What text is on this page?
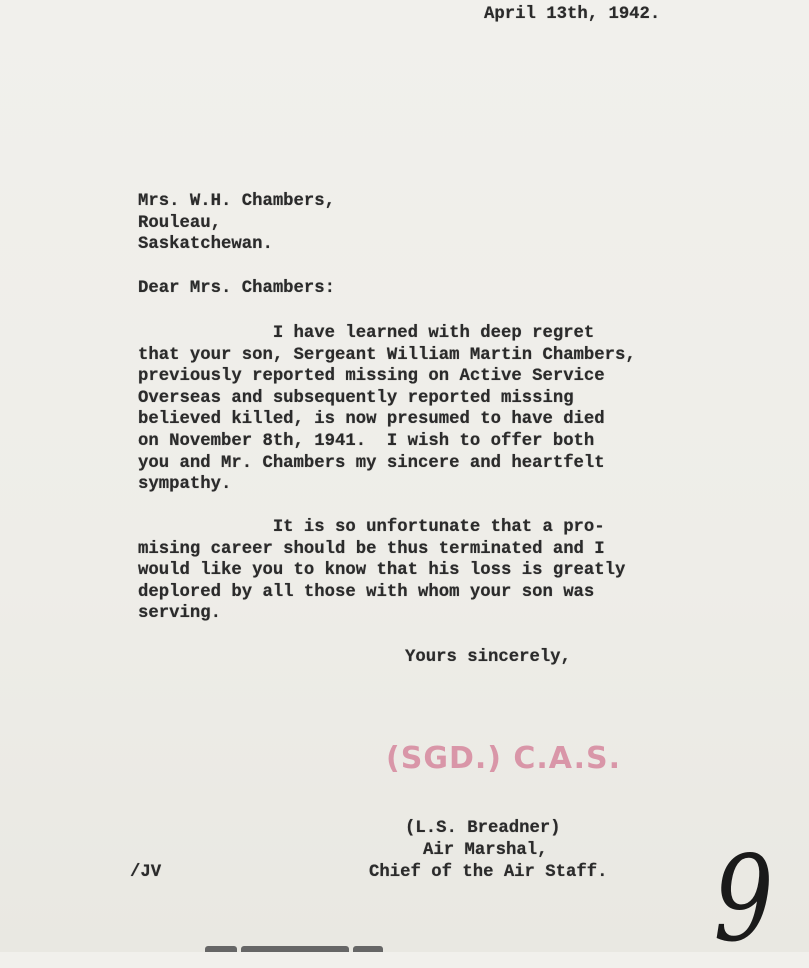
April 13th, 1942.
Mrs. W.H. Chambers,
Rouleau,
Saskatchewan.
Dear Mrs. Chambers:
I have learned with deep regret
that your son, Sergeant William Martin Chambers,
previously reported missing on Active Service
Overseas and subsequently reported missing
believed killed, is now presumed to have died
on November 8th, 1941.  I wish to offer both
you and Mr. Chambers my sincere and heartfelt
sympathy.
It is so unfortunate that a pro-
mising career should be thus terminated and I
would like you to know that his loss is greatly
deplored by all those with whom your son was
serving.
Yours sincerely,
(SGD.) C.A.S.
(L.S. Breadner)
Air Marshal,
Chief of the Air Staff.
/JV	9
